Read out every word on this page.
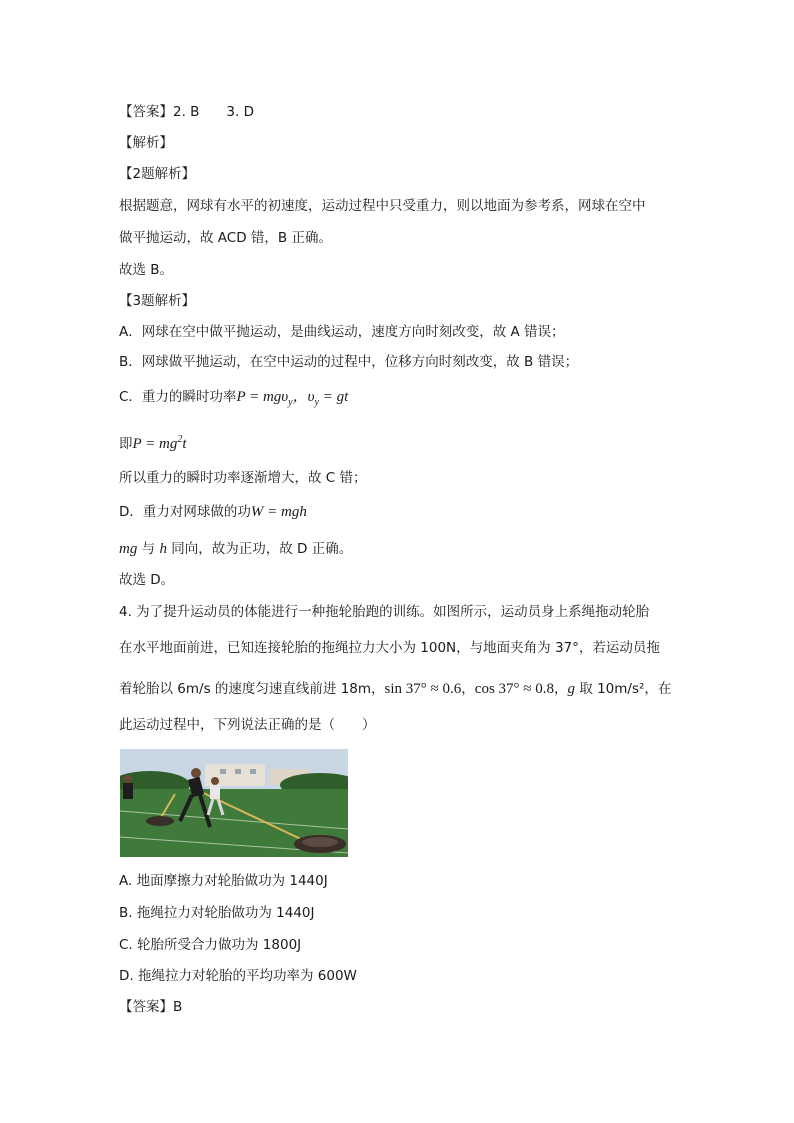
【答案】2. B　　3. D
【解析】
【2题解析】
根据题意，网球有水平的初速度，运动过程中只受重力，则以地面为参考系，网球在空中
做平抛运动，故 ACD 错，B 正确。
故选 B。
【3题解析】
A．网球在空中做平抛运动，是曲线运动，速度方向时刻改变，故 A 错误；
B．网球做平抛运动，在空中运动的过程中，位移方向时刻改变，故 B 错误；
C．重力的瞬时功率P = mgυ$_y$，$\upsilon_y$ = gt
即$P = mg^2t$
所以重力的瞬时功率逐渐增大，故 C 错；
D．重力对网球做的功W = mgh
mg 与 h 同向，故为正功，故 D 正确。
故选 D。
4. 为了提升运动员的体能进行一种拖轮胎跑的训练。如图所示，运动员身上系绳拖动轮胎
在水平地面前进，已知连接轮胎的拖绳拉力大小为 100N，与地面夹角为 37°，若运动员拖
着轮胎以 6m/s 的速度匀速直线前进 18m，sin 37° ≈ 0.6，cos 37° ≈ 0.8，g 取 10m/s²，在
此运动过程中，下列说法正确的是（　　）
A. 地面摩擦力对轮胎做功为 1440J
B. 拖绳拉力对轮胎做功为 1440J
C. 轮胎所受合力做功为 1800J
D. 拖绳拉力对轮胎的平均功率为 600W
【答案】B
